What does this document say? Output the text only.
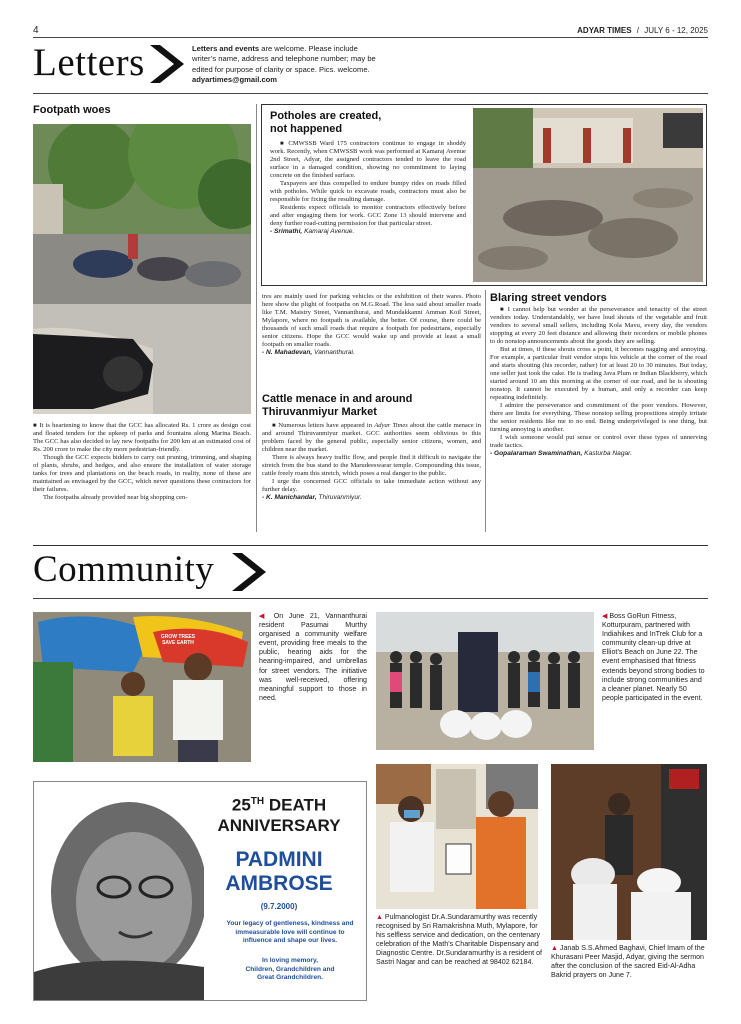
4	ADYAR TIMES / JULY 6 - 12, 2025
Letters	Letters and events are welcome. Please include writer’s name, address and telephone number; may be edited for purpose of clarity or space. Pics. welcome. adyartimes@gmail.com
Footpath woes

■ It is heartening to know that the GCC has allocated Rs. 1 crore as design cost and floated tenders for the upkeep of parks and fountains along Marina Beach. The GCC has also decided to lay new footpaths for 200 km at an estimated cost of Rs. 200 crore to make the city more pedestrian-friendly.

Though the GCC expects bidders to carry out pruning, trimming, and shaping of plants, shrubs, and hedges, and also ensure the installation of water storage tanks for trees and plantations on the beach roads, in reality, none of these are maintained as envisaged by the GCC, which never questions these contractors for their failures.

The footpaths already provided near big shopping cen-

Potholes are created,
not happened

■ CMWSSB Ward 175 contractors continue to engage in shoddy work. Recently, when CMWSSB work was performed at Kamaraj Avenue 2nd Street, Adyar, the assigned contractors tended to leave the road surface in a damaged condition, showing no commitment to laying concrete on the finished surface.

Taxpayers are thus compelled to endure bumpy rides on roads filled with potholes. While quick to excavate roads, contractors must also be responsible for fixing the resulting damage.

Residents expect officials to monitor contractors effectively before and after engaging them for work. GCC Zone 13 should intervene and deny further road-cutting permission for that particular street.

- Srimathi, Kamaraj Avenue.

tres are mainly used for parking vehicles or the exhibition of their wares. Photo here show the plight of footpaths on M.G.Road. The less said about smaller roads like T.M. Maistry Street, Vannanthurai, and Mundakkanni Amman Koil Street, Mylapore, where no footpath is available, the better. Of course, there could be thousands of such small roads that require a footpath for pedestrians, especially senior citizens. Hope the GCC would wake up and provide at least a small footpath on smaller roads.

- N. Mahadevan, Vannanthurai.
Cattle menace in and around
Thiruvanmiyur Market

■ Numerous letters have appeared in Adyar Times about the cattle menace in and around Thiruvanmiyur market. GCC authorities seem oblivious to this problem faced by the general public, especially senior citizens, women, and children near the market.

There is always heavy traffic flow, and people find it difficult to navigate the stretch from the bus stand to the Marudeeswarar temple. Compounding this issue, cattle freely roam this stretch, which poses a real danger to the public.

I urge the concerned GCC officials to take immediate action without any further delay.

- K. Manichandar, Thiruvanmiyur.
Blaring street vendors

■ I cannot help but wonder at the perseverance and tenacity of the street vendors today. Understandably, we have loud shouts of the vegetable and fruit vendors to several small sellers, including Kola Mavu, every day, the vendors stopping at every 20 feet distance and allowing their recorders or mobile phones to do nonstop announcements about the goods they are selling.

But at times, if these shouts cross a point, it becomes nagging and annoying. For example, a particular fruit vendor stops his vehicle at the corner of the road and starts shouting (his recorder, rather) for at least 20 to 30 minutes. But today, one seller just took the cake. He is trading Java Plum or Indian Blackberry, which started around 10 am this morning at the corner of our road, and he is shouting nonstop. It cannot be executed by a human, and only a recorder can keep repeating indefinitely.

I admire the perseverance and commitment of the poor vendors. However, there are limits for everything. These nonstop selling propositions simply irritate the senior residents like me to no end. Being underprivileged is one thing, but turning annoying is another.

I wish someone would put sense or control over these types of unnerving trade tactics.

- Gopalaraman Swaminathan, Kasturba Nagar.
Community
GROW TREES SAVE EARTH
◀ On June 21, Vannanthurai resident Pasumai Murthy organised a community welfare event, providing free meals to the public, hearing aids for the hearing-impaired, and umbrellas for street vendors. The initiative was well-received, offering meaningful support to those in need.
◀ Boss GoRun Fitness, Kotturpuram, partnered with Indiahikes and InTrek Club for a community clean-up drive at Elliot’s Beach on June 22. The event emphasised that fitness extends beyond strong bodies to include strong communities and a cleaner planet. Nearly 50 people participated in the event.
25TH DEATH
ANNIVERSARY
PADMINI
AMBROSE
(9.7.2000)
Your legacy of gentleness, kindness and immeasurable love will continue to influence and shape our lives.
In loving memory,
Children, Grandchildren and
Great Grandchildren.
▲ Pulmanologist Dr.A.Sundaramurthy was recently recognised by Sri Ramakrishna Muth, Mylapore, for his selfless service and dedication, on the centenary celebration of the Math’s Charitable Dispensary and Diagnostic Centre. Dr.Sundaramurthy is a resident of Sastri Nagar and can be reached at 98402 62184.
▲ Janab S.S.Ahmed Baghavi, Chief Imam of the Khurasani Peer Masjid, Adyar, giving the sermon after the conclusion of the sacred Eid-Al-Adha Bakrid prayers on June 7.
